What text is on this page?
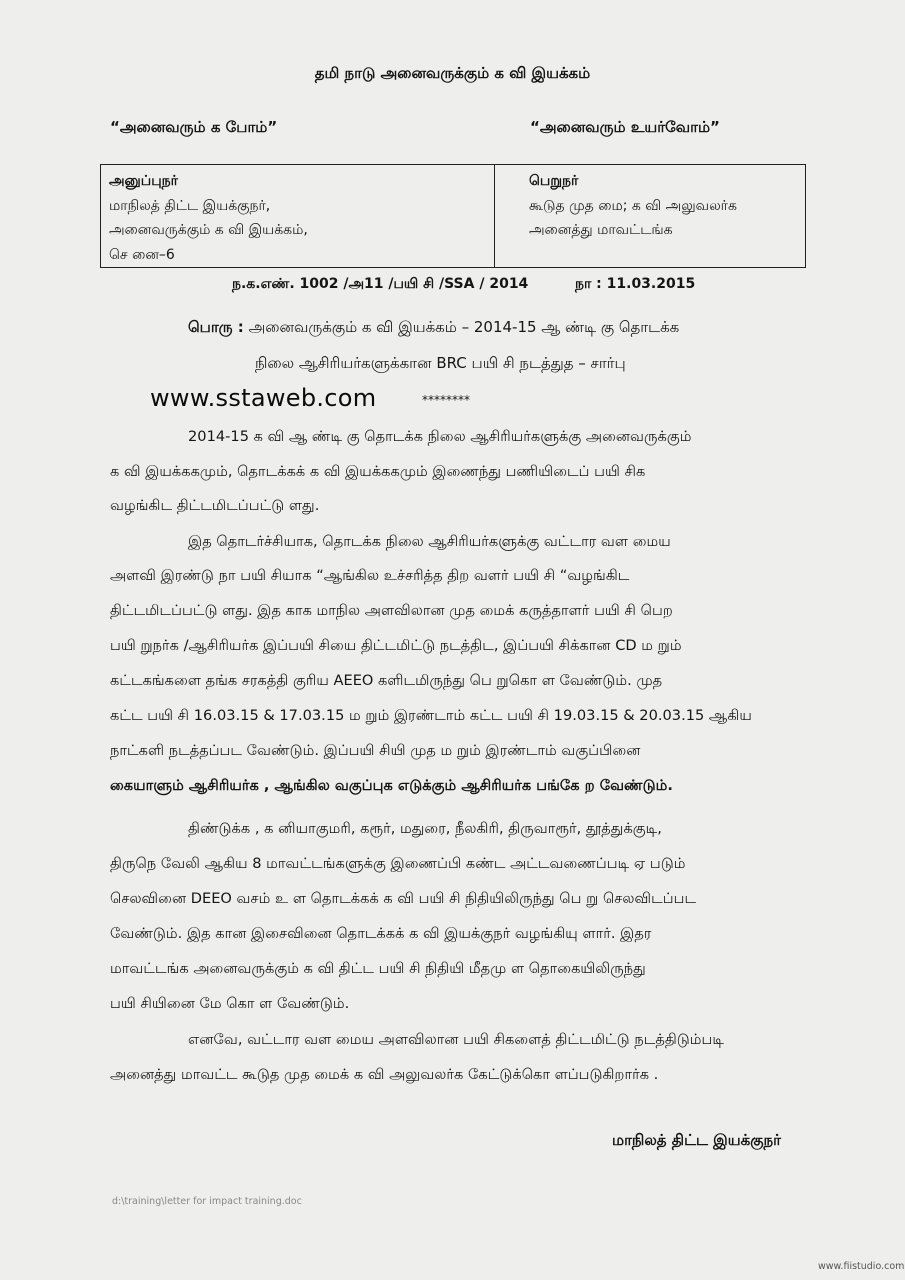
தமி நாடு அனைவருக்கும் க வி இயக்கம்
“அனைவரும் க போம்”	“அனைவரும் உயர்வோம்”
அனுப்புநர்
மாநிலத் திட்ட இயக்குநர்,
அனைவருக்கும் க வி இயக்கம்,
செ னை–6
பெறுநர்
கூடுத முத மை; க வி அலுவலர்க
அனைத்து மாவட்டங்க
ந.க.எண். 1002 /அ11 /பயி சி /SSA / 2014	நா : 11.03.2015
பொரு : அனைவருக்கும் க வி இயக்கம் – 2014-15 ஆ ண்டி கு தொடக்க
நிலை ஆசிரியர்களுக்கான BRC பயி சி நடத்துத – சார்பு
www.sstaweb.com	********
2014-15 க வி ஆ ண்டி கு தொடக்க நிலை ஆசிரியர்களுக்கு அனைவருக்கும்
க வி இயக்ககமும், தொடக்கக் க வி இயக்ககமும் இணைந்து பணியிடைப் பயி சிக
வழங்கிட திட்டமிடப்பட்டு ளது.
இத தொடர்ச்சியாக, தொடக்க நிலை ஆசிரியர்களுக்கு வட்டார வள மைய
அளவி இரண்டு நா பயி சியாக “ஆங்கில உச்சரித்த திற வளர் பயி சி “வழங்கிட
திட்டமிடப்பட்டு ளது. இத காக மாநில அளவிலான முத மைக் கருத்தாளர் பயி சி பெற
பயி றுநர்க /ஆசிரியர்க இப்பயி சியை திட்டமிட்டு நடத்திட, இப்பயி சிக்கான CD ம றும்
கட்டகங்களை தங்க சரகத்தி குரிய AEEO களிடமிருந்து பெ றுகொ ள வேண்டும். முத
கட்ட பயி சி 16.03.15 & 17.03.15 ம றும் இரண்டாம் கட்ட பயி சி 19.03.15 & 20.03.15 ஆகிய
நாட்களி நடத்தப்பட வேண்டும். இப்பயி சியி முத ம றும் இரண்டாம் வகுப்பினை
கையாளும் ஆசிரியர்க , ஆங்கில வகுப்புக எடுக்கும் ஆசிரியர்க பங்கே ற வேண்டும்.
திண்டுக்க , க னியாகுமரி, கரூர், மதுரை, நீலகிரி, திருவாரூர், தூத்துக்குடி,
திருநெ வேலி ஆகிய 8 மாவட்டங்களுக்கு இணைப்பி கண்ட அட்டவணைப்படி ஏ படும்
செலவினை DEEO வசம் உ ள தொடக்கக் க வி பயி சி நிதியிலிருந்து பெ று செலவிடப்பட
வேண்டும். இத கான இசைவினை தொடக்கக் க வி இயக்குநர் வழங்கியு ளார். இதர
மாவட்டங்க அனைவருக்கும் க வி திட்ட பயி சி நிதியி மீதமு ள தொகையிலிருந்து
பயி சியினை மே கொ ள வேண்டும்.
எனவே, வட்டார வள மைய அளவிலான பயி சிகளைத் திட்டமிட்டு நடத்திடும்படி
அனைத்து மாவட்ட கூடுத முத மைக் க வி அலுவலர்க கேட்டுக்கொ ளப்படுகிறார்க .
மாநிலத் திட்ட இயக்குநர்
d:\training\letter for impact training.doc
www.fiistudio.com
